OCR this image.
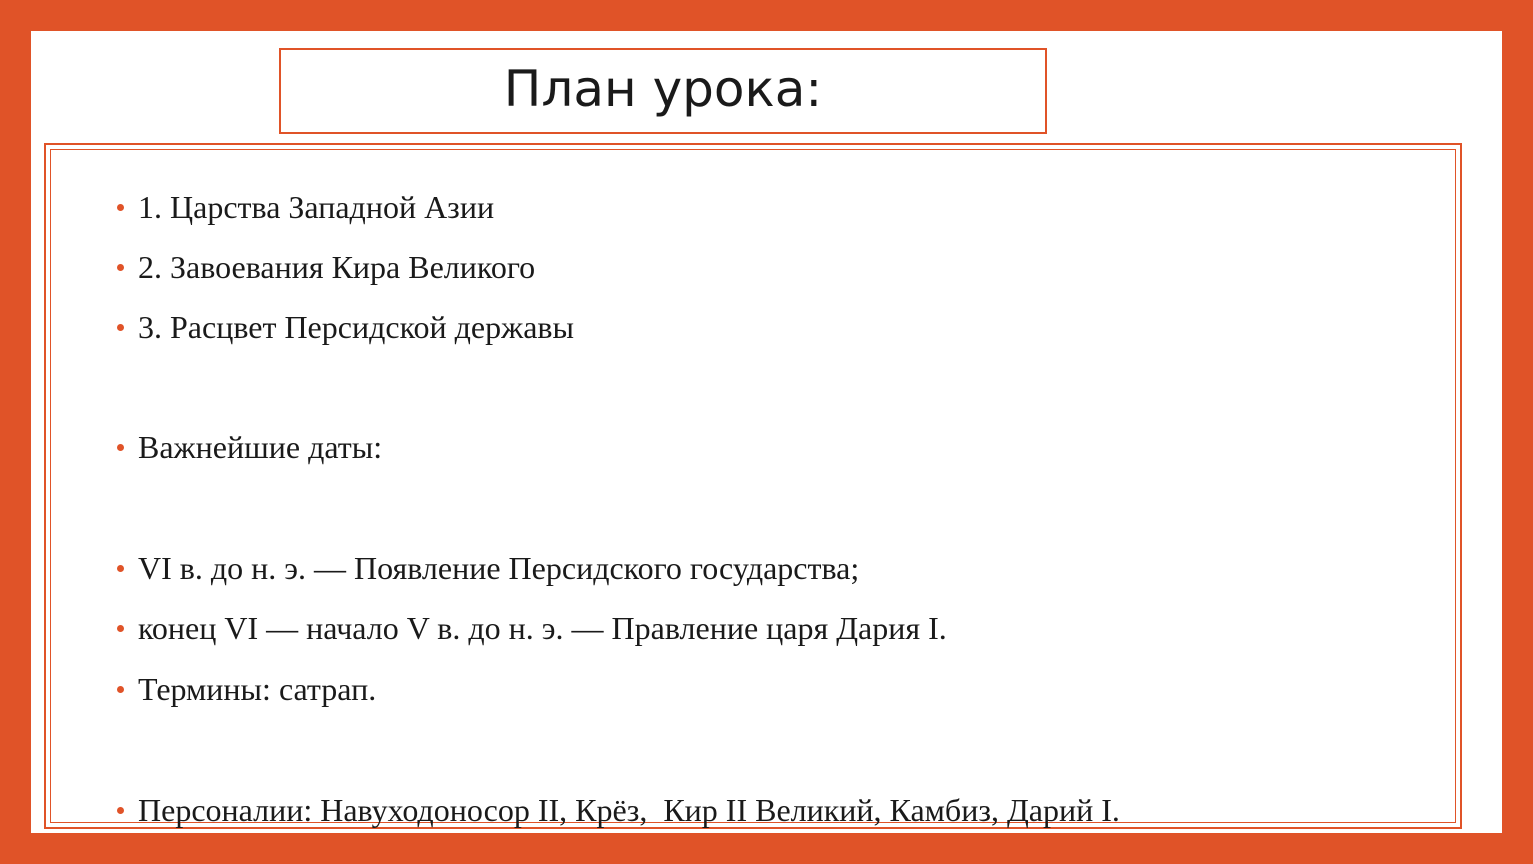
План урока:

1. Царства Западной Азии

2. Завоевания Кира Великого

3. Расцвет Персидской державы

Важнейшие даты:

VI в. до н. э. — Появление Персидского государства;

конец VI — начало V в. до н. э. — Правление царя Дария I.

Термины: сатрап.

Персоналии: Навуходоносор II, Крёз,  Кир II Великий, Камбиз, Дарий I.
